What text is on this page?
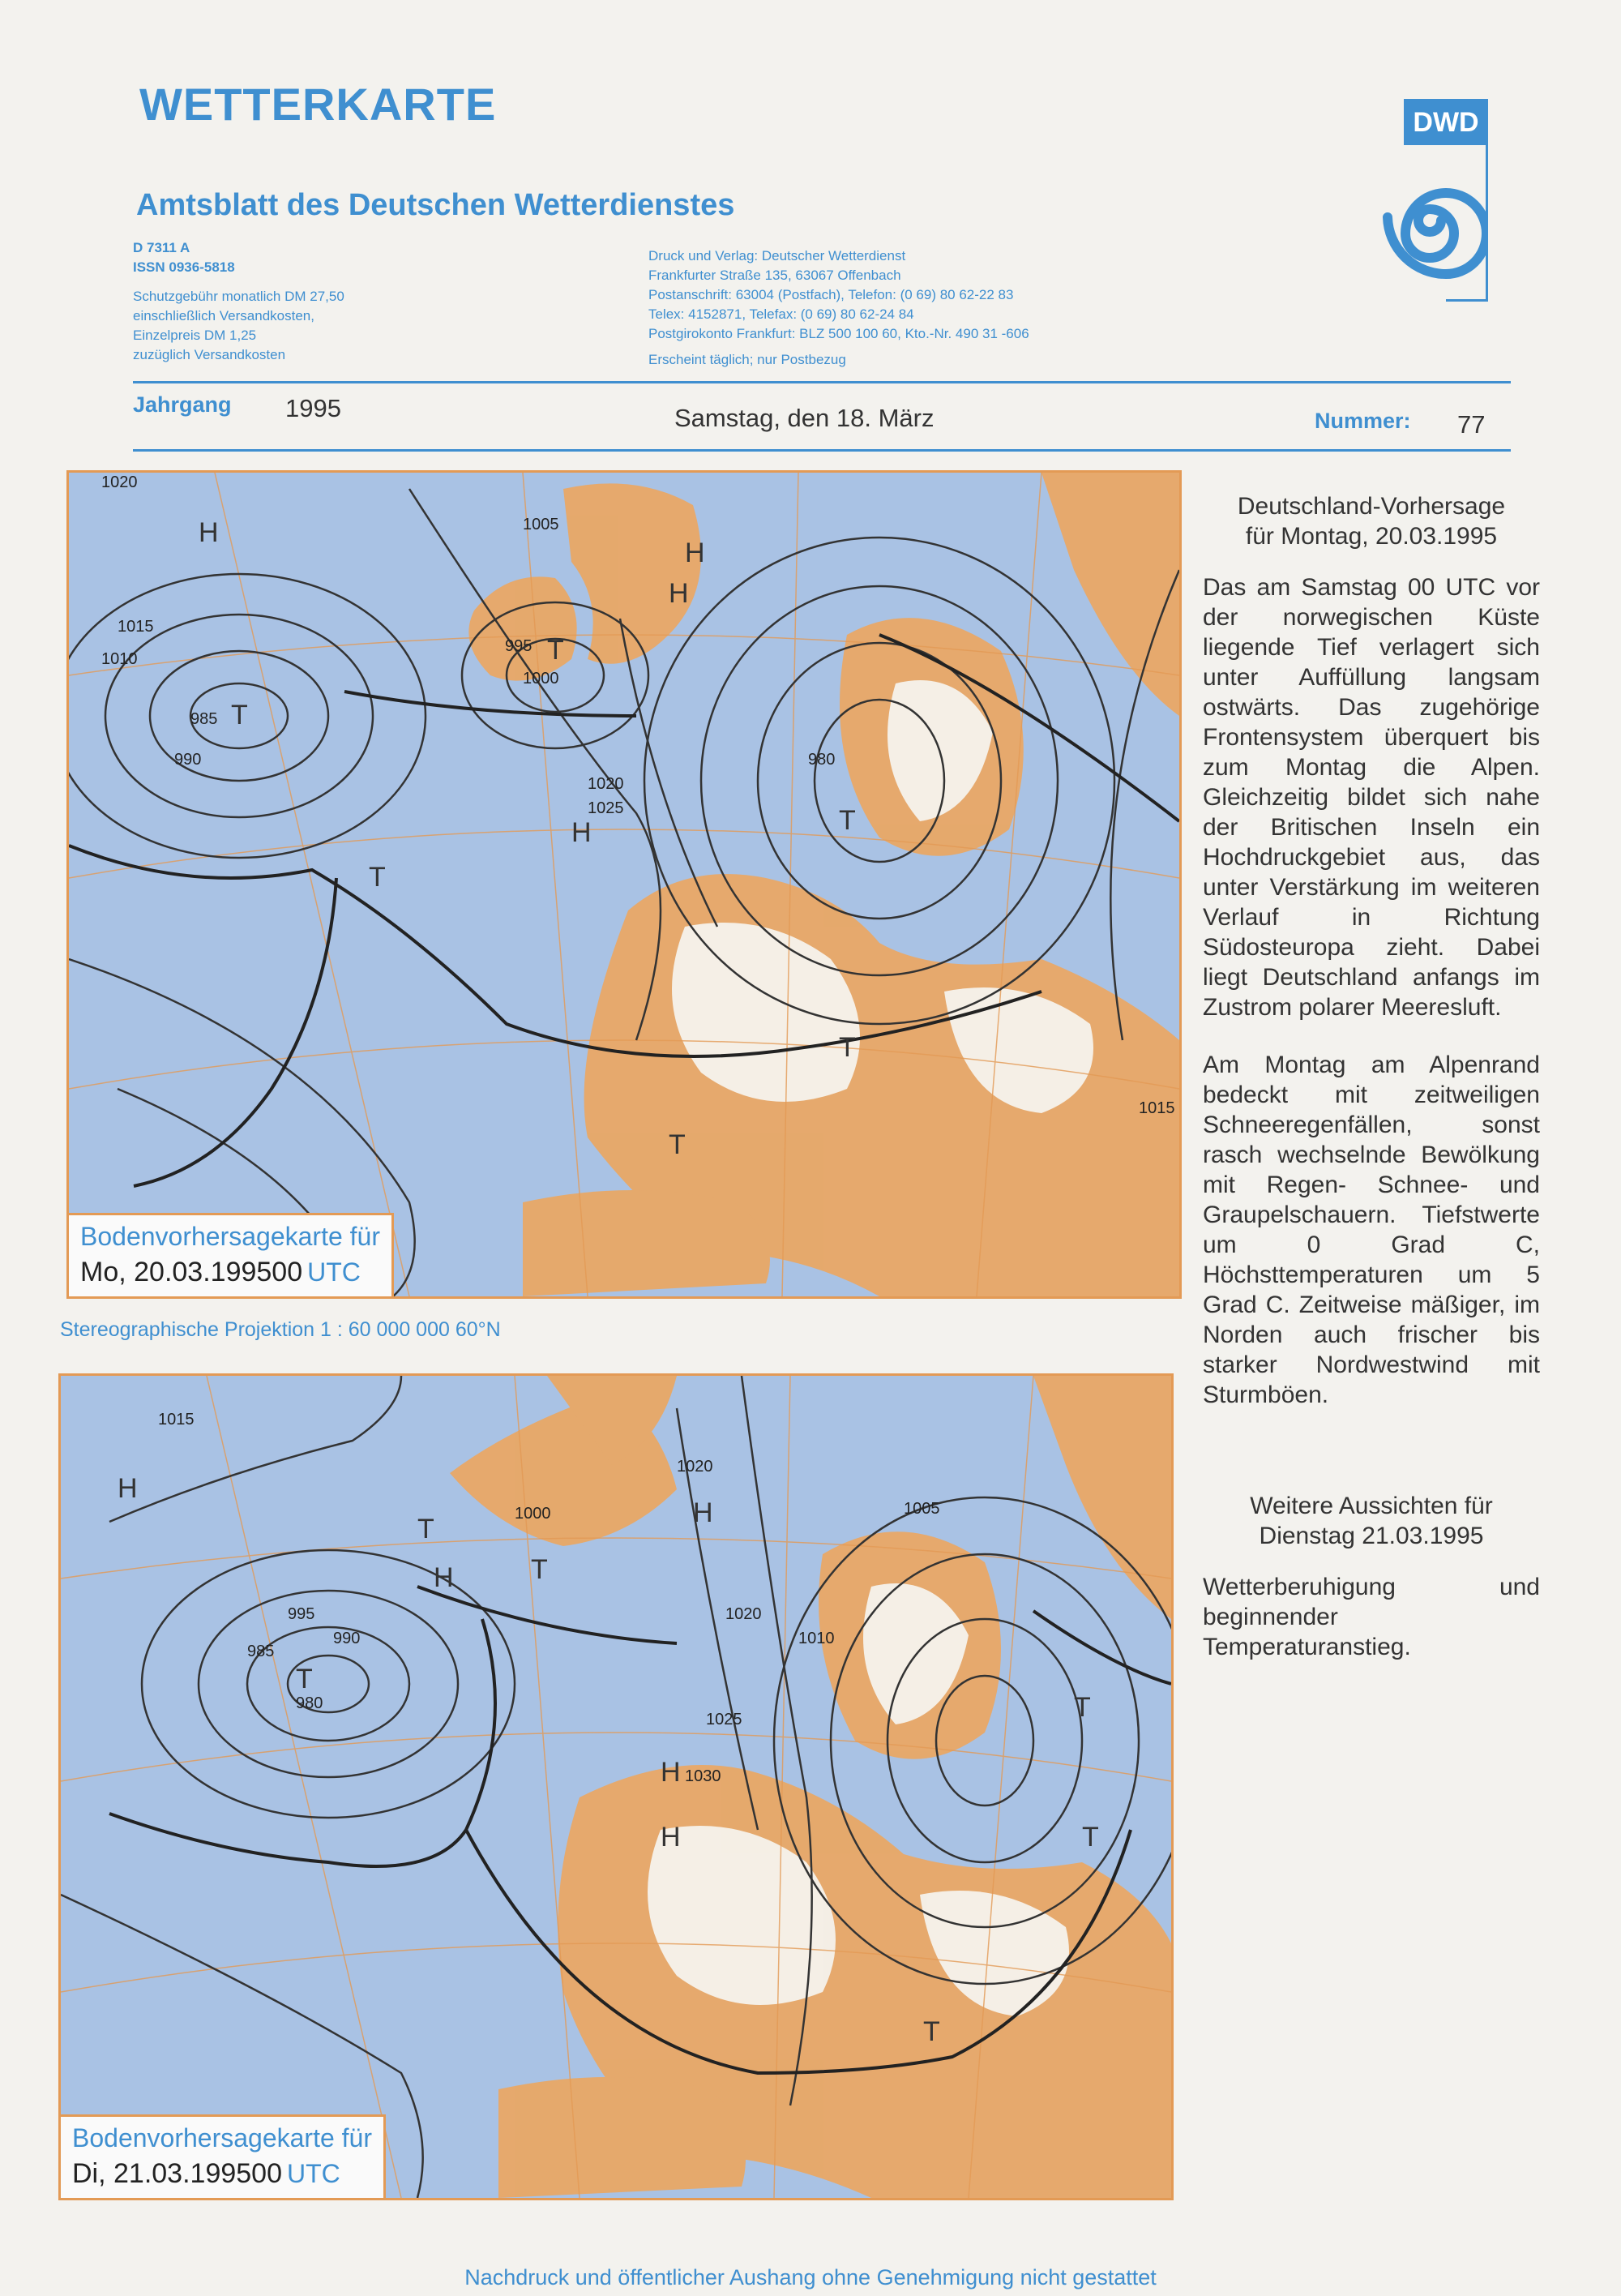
WETTERKARTE	DWD
Amtsblatt des Deutschen Wetterdienstes
D 7311 A
ISSN 0936-5818
Schutzgebühr monatlich DM 27,50
einschließlich Versandkosten,
Einzelpreis DM 1,25
zuzüglich Versandkosten
Druck und Verlag: Deutscher Wetterdienst
Frankfurter Straße 135, 63067 Offenbach
Postanschrift: 63004 (Postfach), Telefon: (0 69) 80 62-22 83
Telex: 4152871, Telefax: (0 69) 80 62-24 84
Postgirokonto Frankfurt: BLZ 500 100 60, Kto.-Nr. 490 31 -606
Erscheint täglich; nur Postbezug
Jahrgang 1995	Samstag, den 18. März	Nummer: 77
1020
1005
1000
995
985
990
1015
1010
1025
980
1020
1015
H
T
T
H
H
H
T
T
T
T
Bodenvorhersagekarte für
Mo, 20.03.199500 UTC
Stereographische Projektion 1 : 60 000 000 60°N
1015
1020
1000
995
990
985
980
1020
1025
1030
1010
1005
H
T
T
H	T
H
H
T
T
H
T
Bodenvorhersagekarte für
Di, 21.03.199500 UTC
Deutschland-Vorhersage
für Montag, 20.03.1995

Das am Samstag 00 UTC vor der norwegischen Küste liegende Tief verlagert sich unter Auffüllung langsam ostwärts. Das zugehörige Frontensystem überquert bis zum Montag die Alpen. Gleichzeitig bildet sich nahe der Britischen Inseln ein Hochdruckgebiet aus, das unter Verstärkung im weiteren Verlauf in Richtung Südosteuropa zieht. Dabei liegt Deutschland anfangs im Zustrom polarer Meeresluft.

Am Montag am Alpenrand bedeckt mit zeitweiligen Schneeregenfällen, sonst rasch wechselnde Bewölkung mit Regen- Schnee- und Graupelschauern. Tiefstwerte um 0 Grad C, Höchsttemperaturen um 5 Grad C. Zeitweise mäßiger, im Norden auch frischer bis starker Nordwestwind mit Sturmböen.

Weitere Aussichten für
Dienstag 21.03.1995

Wetterberuhigung und beginnender Temperaturanstieg.

Nachdruck und öffentlicher Aushang ohne Genehmigung nicht gestattet
